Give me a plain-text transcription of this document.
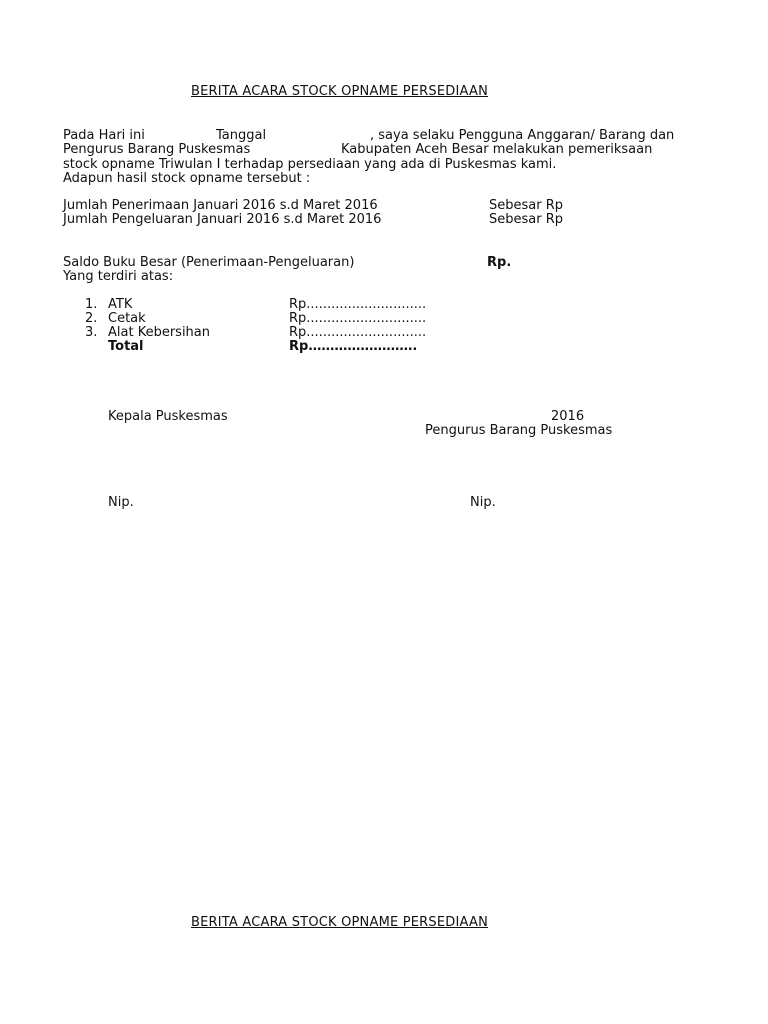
BERITA ACARA STOCK OPNAME PERSEDIAAN
Pada Hari ini	Tanggal	, saya selaku Pengguna Anggaran/ Barang dan
Pengurus Barang Puskesmas	Kabupaten Aceh Besar melakukan pemeriksaan
stock opname Triwulan I terhadap persediaan yang ada di Puskesmas kami.
Adapun hasil stock opname tersebut :
Jumlah Penerimaan Januari 2016 s.d Maret 2016	Sebesar Rp
Jumlah Pengeluaran Januari 2016 s.d Maret 2016	Sebesar Rp
Saldo Buku Besar (Penerimaan-Pengeluaran)	Rp.
Yang terdiri atas:
1. ATK	Rp.............................
2. Cetak	Rp.............................
3. Alat Kebersihan	Rp.............................
Total	Rp…………………….
Kepala Puskesmas	2016
Pengurus Barang Puskesmas
Nip.	Nip.
BERITA ACARA STOCK OPNAME PERSEDIAAN
